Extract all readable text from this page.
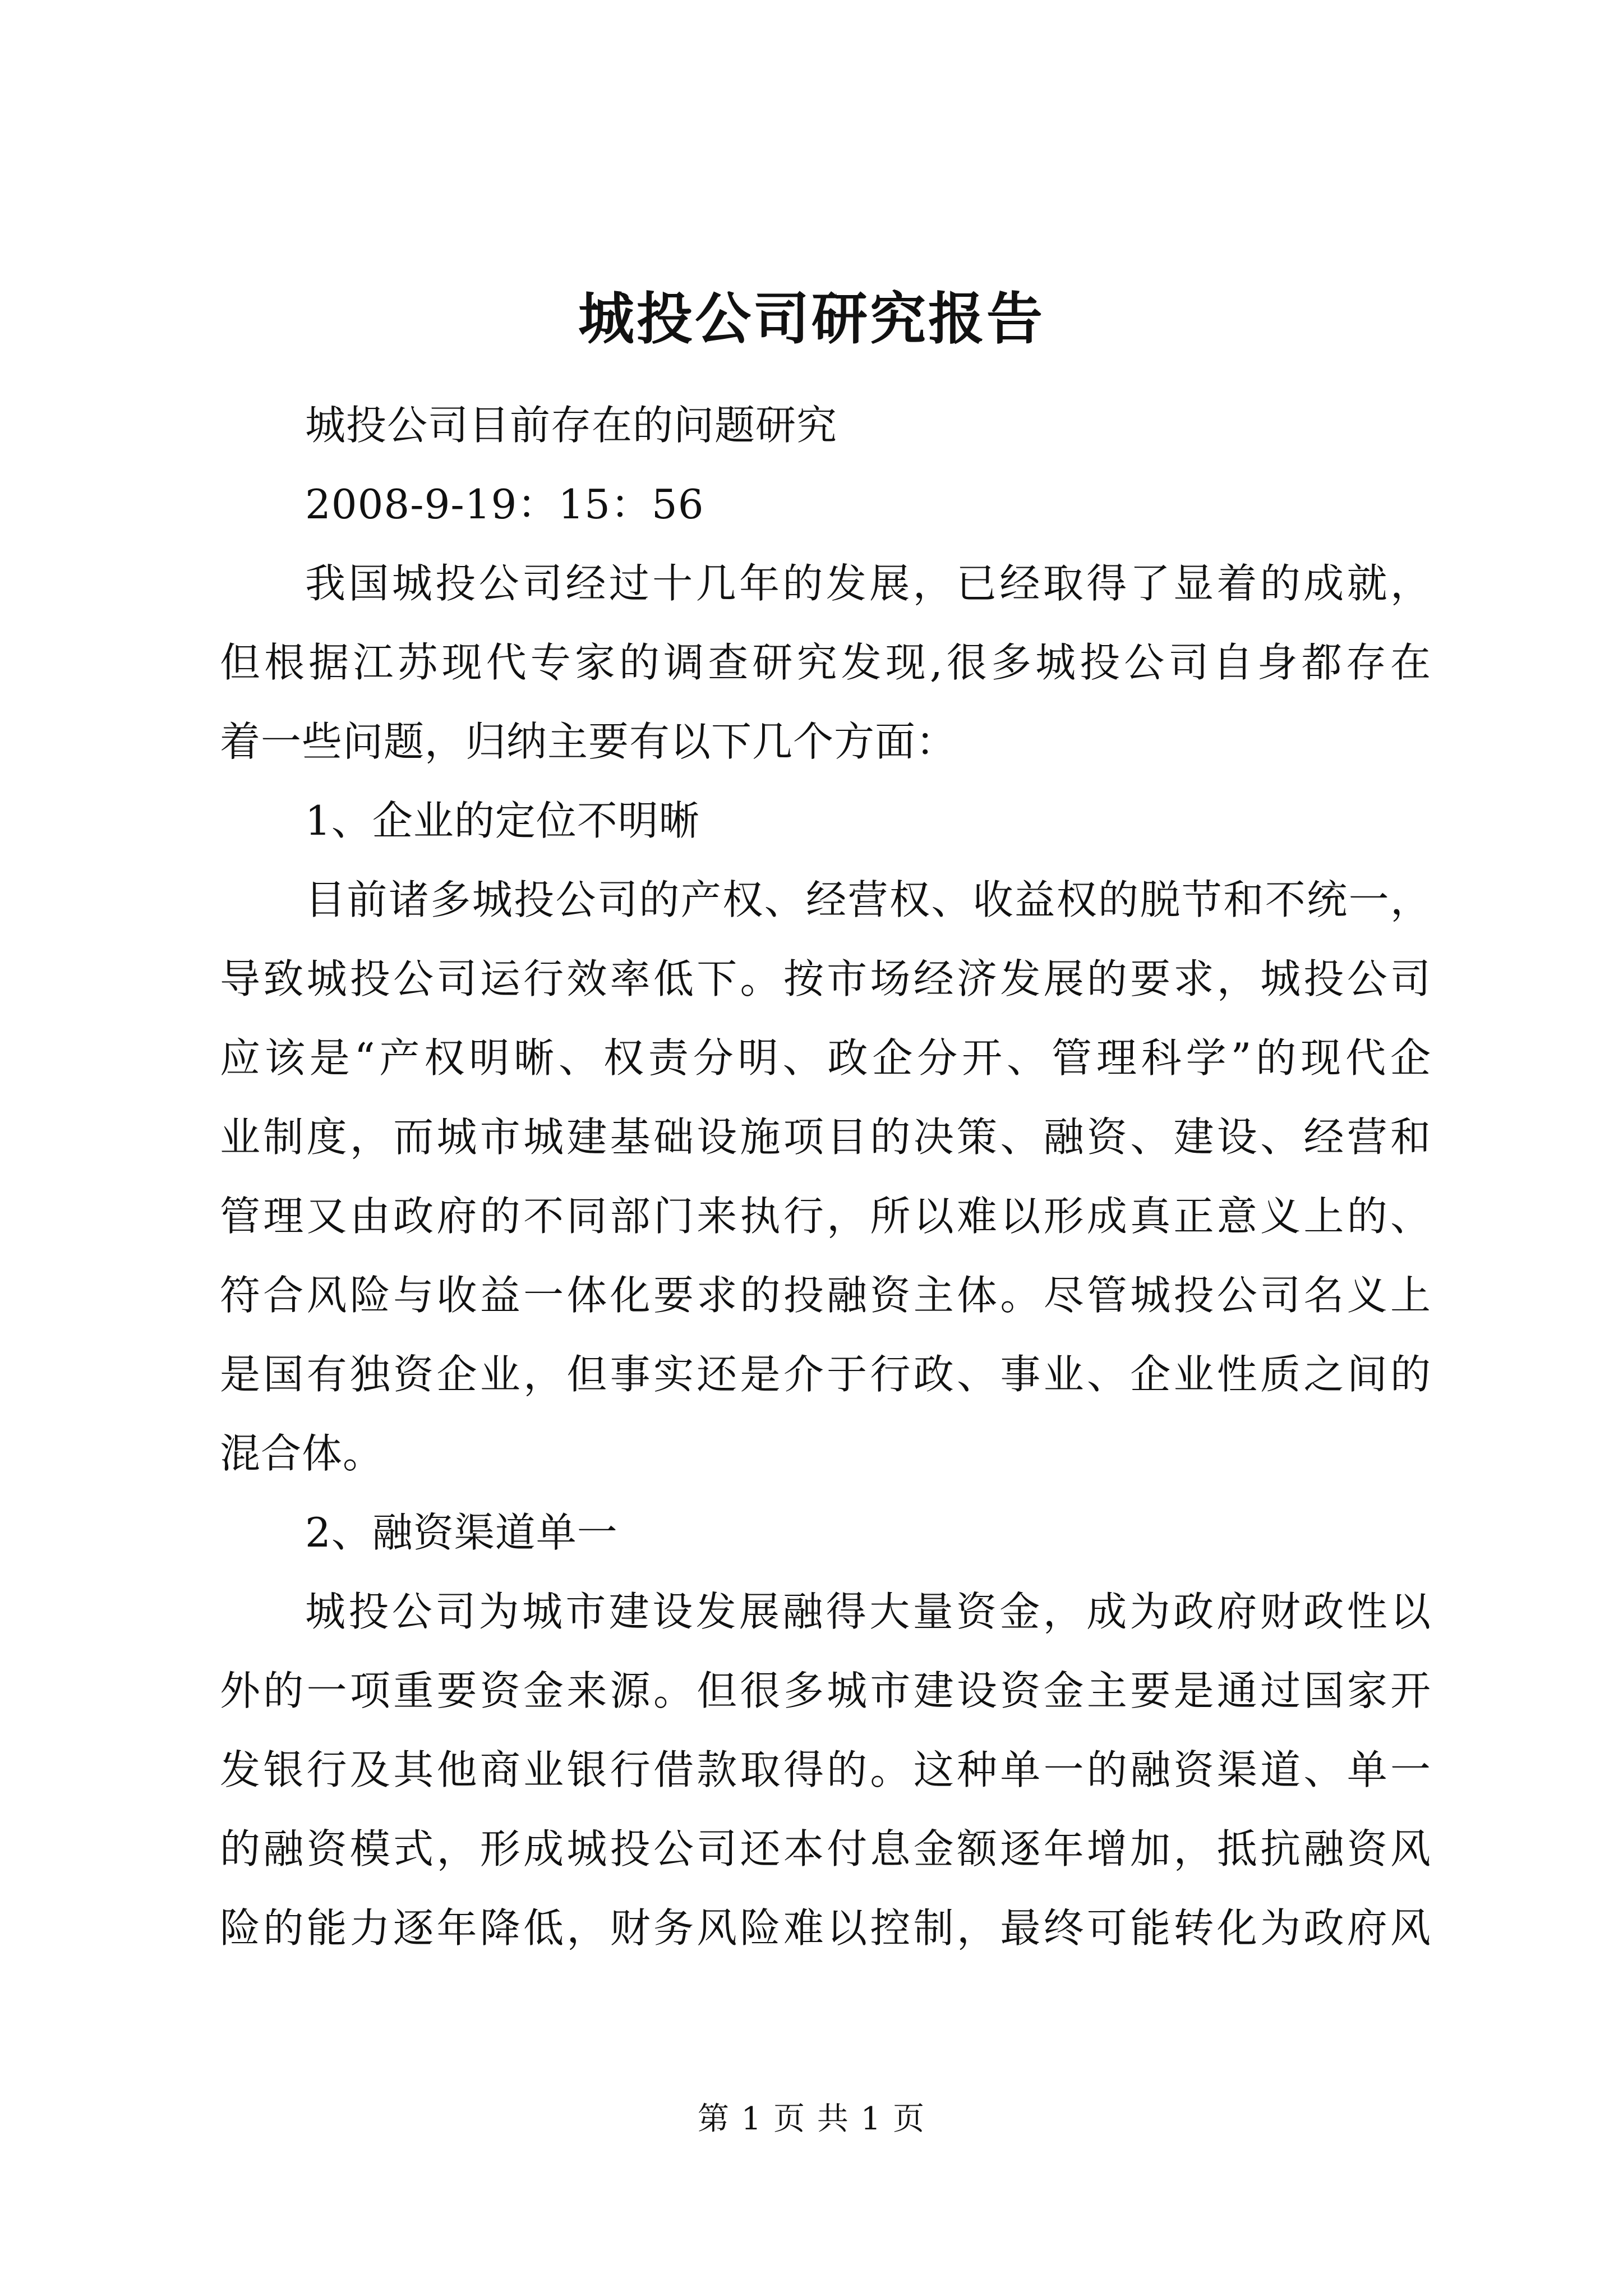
城投公司研究报告
城投公司目前存在的问题研究
2008-9-19：15：56
我国城投公司经过十几年的发展，已经取得了显着的成就，
但根据江苏现代专家的调查研究发现,很多城投公司自身都存在
着一些问题，归纳主要有以下几个方面：
1、企业的定位不明晰
目前诸多城投公司的产权、经营权、收益权的脱节和不统一，
导致城投公司运行效率低下。按市场经济发展的要求，城投公司
应该是“产权明晰、权责分明、政企分开、管理科学”的现代企
业制度，而城市城建基础设施项目的决策、融资、建设、经营和
管理又由政府的不同部门来执行，所以难以形成真正意义上的、
符合风险与收益一体化要求的投融资主体。尽管城投公司名义上
是国有独资企业，但事实还是介于行政、事业、企业性质之间的
混合体。
2、融资渠道单一
城投公司为城市建设发展融得大量资金，成为政府财政性以
外的一项重要资金来源。但很多城市建设资金主要是通过国家开
发银行及其他商业银行借款取得的。这种单一的融资渠道、单一
的融资模式，形成城投公司还本付息金额逐年增加，抵抗融资风
险的能力逐年降低，财务风险难以控制，最终可能转化为政府风
第 1 页 共 1 页
